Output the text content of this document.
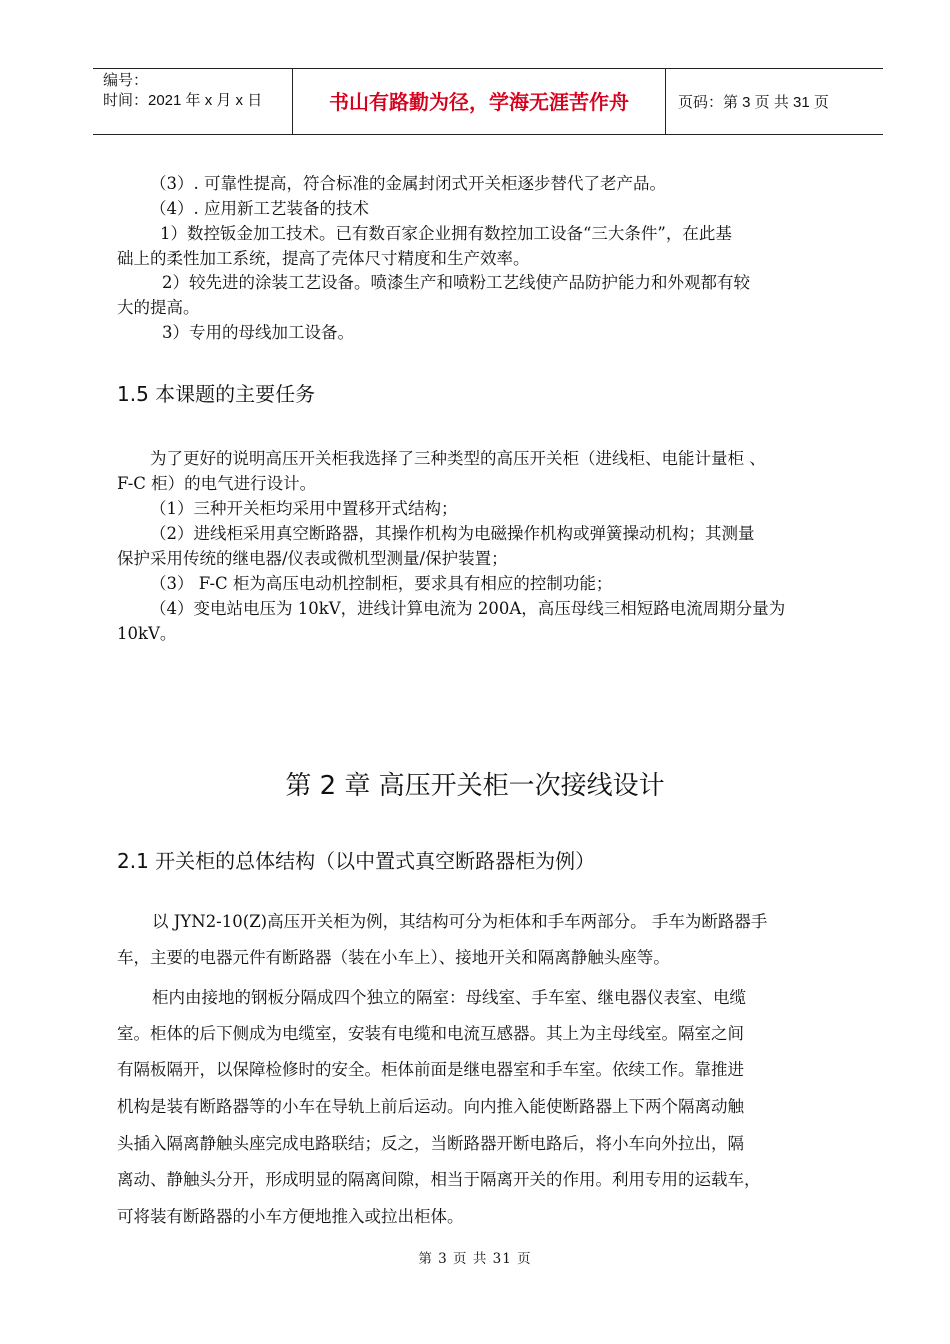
编号：
时间：2021 年 x 月 x 日	书山有路勤为径，学海无涯苦作舟	页码：第 3 页 共 31 页
（3）. 可靠性提高，符合标准的金属封闭式开关柜逐步替代了老产品。
（4）. 应用新工艺装备的技术
1）数控钣金加工技术。已有数百家企业拥有数控加工设备“三大条件”，在此基
础上的柔性加工系统，提高了壳体尺寸精度和生产效率。
2）较先进的涂装工艺设备。喷漆生产和喷粉工艺线使产品防护能力和外观都有较
大的提高。
3）专用的母线加工设备。
1.5 本课题的主要任务
为了更好的说明高压开关柜我选择了三种类型的高压开关柜（进线柜、电能计量柜 、
F-C 柜）的电气进行设计。
（1）三种开关柜均采用中置移开式结构；
（2）进线柜采用真空断路器，其操作机构为电磁操作机构或弹簧操动机构；其测量
保护采用传统的继电器/仪表或微机型测量/保护装置；
（3） F-C 柜为高压电动机控制柜，要求具有相应的控制功能；
（4）变电站电压为 10kV，进线计算电流为 200A，高压母线三相短路电流周期分量为
10kV。
第 2 章 高压开关柜一次接线设计
2.1 开关柜的总体结构（以中置式真空断路器柜为例）
以 JYN2-10(Z)高压开关柜为例，其结构可分为柜体和手车两部分。 手车为断路器手
车，主要的电器元件有断路器（装在小车上）、接地开关和隔离静触头座等。
柜内由接地的钢板分隔成四个独立的隔室：母线室、手车室、继电器仪表室、电缆
室。柜体的后下侧成为电缆室，安装有电缆和电流互感器。其上为主母线室。隔室之间
有隔板隔开，以保障检修时的安全。柜体前面是继电器室和手车室。依续工作。靠推进
机构是装有断路器等的小车在导轨上前后运动。向内推入能使断路器上下两个隔离动触
头插入隔离静触头座完成电路联结；反之，当断路器开断电路后，将小车向外拉出，隔
离动、静触头分开，形成明显的隔离间隙，相当于隔离开关的作用。利用专用的运载车，
可将装有断路器的小车方便地推入或拉出柜体。
第 3 页 共 31 页
